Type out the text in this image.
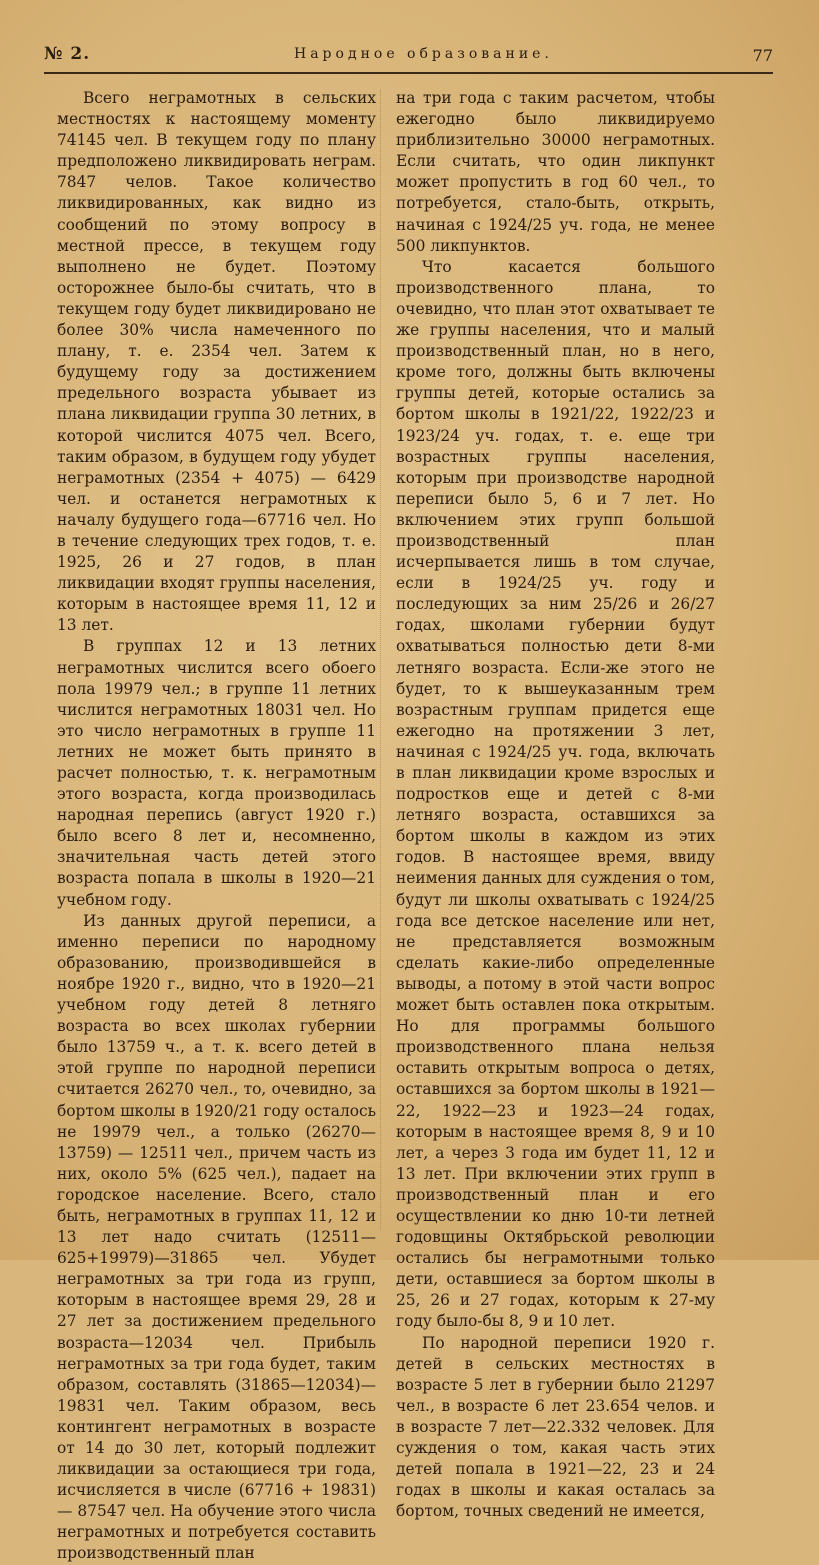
№ 2.	Народное образование.	77

Всего неграмотных в сельских местностях к настоящему моменту 74145 чел. В текущем году по плану предположено ликвидировать неграм. 7847 челов. Такое количество ликвидированных, как видно из сообщений по этому вопросу в местной прессе, в текущем году выполнено не будет. Поэтому осторожнее было-бы считать, что в текущем году будет ликвидировано не более 30% числа намеченного по плану, т. е. 2354 чел. Затем к будущему году за достижением предельного возраста убывает из плана ликвидации группа 30 летних, в которой числится 4075 чел. Всего, таким образом, в будущем году убудет неграмотных (2354 + 4075) — 6429 чел. и останется неграмотных к началу будущего года—67716 чел. Но в течение следующих трех годов, т. е. 1925, 26 и 27 годов, в план ликвидации входят группы населения, которым в настоящее время 11, 12 и 13 лет.

В группах 12 и 13 летних неграмотных числится всего обоего пола 19979 чел.; в группе 11 летних числится неграмотных 18031 чел. Но это число неграмотных в группе 11 летних не может быть принято в расчет полностью, т. к. неграмотным этого возраста, когда производилась народная перепись (август 1920 г.) было всего 8 лет и, несомненно, значительная часть детей этого возраста попала в школы в 1920—21 учебном году.

Из данных другой переписи, а именно переписи по народному образованию, производившейся в ноябре 1920 г., видно, что в 1920—21 учебном году детей 8 летняго возраста во всех школах губернии было 13759 ч., а т. к. всего детей в этой группе по народной переписи считается 26270 чел., то, очевидно, за бортом школы в 1920/21 году осталось не 19979 чел., а только (26270—13759) — 12511 чел., причем часть из них, около 5% (625 чел.), падает на городское население. Всего, стало быть, неграмотных в группах 11, 12 и 13 лет надо считать (12511—625+19979)—31865 чел. Убудет неграмотных за три года из групп, которым в настоящее время 29, 28 и 27 лет за достижением предельного возраста—12034 чел. Прибыль неграмотных за три года будет, таким образом, составлять (31865—12034)—19831 чел. Таким образом, весь контингент неграмотных в возрасте от 14 до 30 лет, который подлежит ликвидации за остающиеся три года, исчисляется в числе (67716 + 19831) — 87547 чел. На обучение этого числа неграмотных и потребуется составить производственный план

на три года с таким расчетом, чтобы ежегодно было ликвидируемо приблизительно 30000 неграмотных. Если считать, что один ликпункт может пропустить в год 60 чел., то потребуется, стало-быть, открыть, начиная с 1924/25 уч. года, не менее 500 ликпунктов.

Что касается большого производственного плана, то очевидно, что план этот охватывает те же группы населения, что и малый производственный план, но в него, кроме того, должны быть включены группы детей, которые остались за бортом школы в 1921/22, 1922/23 и 1923/24 уч. годах, т. е. еще три возрастных группы населения, которым при производстве народной переписи было 5, 6 и 7 лет. Но включением этих групп большой производственный план исчерпывается лишь в том случае, если в 1924/25 уч. году и последующих за ним 25/26 и 26/27 годах, школами губернии будут охватываться полностью дети 8-ми летняго возраста. Если-же этого не будет, то к вышеуказанным трем возрастным группам придется еще ежегодно на протяжении 3 лет, начиная с 1924/25 уч. года, включать в план ликвидации кроме взрослых и подростков еще и детей с 8-ми летняго возраста, оставшихся за бортом школы в каждом из этих годов. В настоящее время, ввиду неимения данных для суждения о том, будут ли школы охватывать с 1924/25 года все детское население или нет, не представляется возможным сделать какие-либо определенные выводы, а потому в этой части вопрос может быть оставлен пока открытым. Но для программы большого производственного плана нельзя оставить открытым вопроса о детях, оставшихся за бортом школы в 1921—22, 1922—23 и 1923—24 годах, которым в настоящее время 8, 9 и 10 лет, а через 3 года им будет 11, 12 и 13 лет. При включении этих групп в производственный план и его осуществлении ко дню 10-ти летней годовщины Октябрьской революции остались бы неграмотными только дети, оставшиеся за бортом школы в 25, 26 и 27 годах, которым к 27-му году было-бы 8, 9 и 10 лет.

По народной переписи 1920 г. детей в сельских местностях в возрасте 5 лет в губернии было 21297 чел., в возрасте 6 лет 23.654 челов. и в возрасте 7 лет—22.332 человек. Для суждения о том, какая часть этих детей попала в 1921—22, 23 и 24 годах в школы и какая осталась за бортом, точных сведений не имеется,
